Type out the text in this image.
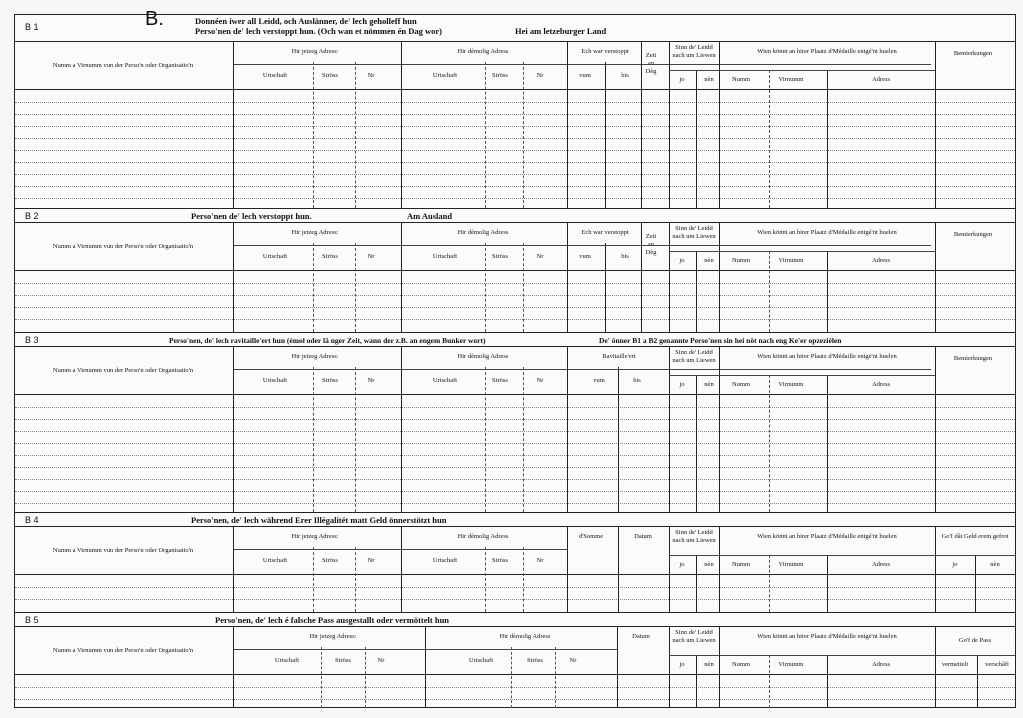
B 1	B.	Donnéen iwer all Leidd, och Auslänner, de' lech geholleff hun
Perso'nen de' lech verstoppt hun. (Och wan et nömmen én Dag wor)	Hei am letzeburger Land
Numm a Virnumm vun der Perso'n oder Organisatio'n
Hir jetzeg Adress:
Urtschaft	Ströss	Nr
Hir dèmolig Adress
Urtschaft	Ströss	Nr
Ech war verstoppt
vum	bis
Zeit an Dèg
Sinn de' Leidd nach um Liewen
jo	nèn
Wien könnt an hirer Plaatz d'Médaille entgé'nt huelen
Numm	Virnumm	Adress
Bemierkungen
B 2	Perso'nen de' lech verstoppt hun.	Am Ausland
Numm a Virnumm vun der Perso'n oder Organisatio'n
Hir jetzeg Adress:
Urtschaft	Ströss	Nr
Hir dèmolig Adress
Urtschaft	Ströss	Nr
Ech war verstoppt
vum	bis
Zeit an Dèg
Sinn de' Leidd nach um Liewen
jo	nèn
Wien könnt an hirer Plaatz d'Médaille entgé'nt huelen
Numm	Virnumm	Adress
Bemierkungen
B 3	Perso'nen, de' lech ravitaille'ert hun (émol oder lä nger Zeit, wann der z.B. an engem Bunker wort)	De' önner B1 a B2 genannte Perso'nen sin hei nöt nach eng Ke'er opzeziélen
Numm a Virnumm vun der Perso'n oder Organisatio'n
Hir jetzeg Adress:
Urtschaft	Ströss	Nr
Hir dèmolig Adress
Urtschaft	Ströss	Nr
Ravitaille'ert
vum	bis
Sinn de' Leidd nach um Liewen
jo	nèn
Wien könnt an hirer Plaatz d'Médaille entgé'nt huelen
Numm	Virnumm	Adress
Bemierkungen
B 4	Perso'nen, de' lech während Erer Illégalitét matt Geld önnerstötzt hun
Numm a Virnumm vun der Perso'n oder Organisatio'n
Hir jetzeg Adress:
Urtschaft	Ströss	Nr
Hir dèmolig Adress
Urtschaft	Ströss	Nr
d'Somme	Datum
Sinn de' Leidd nach um Liewen
jo	nèn
Wien könnt an hirer Plaatz d'Médaille entgé'nt huelen
Numm	Virnumm	Adress
Go'f dât Geld erem gefrot
jo	nèn
B 5	Perso'nen, de' lech é falsche Pass ausgestallt oder vermöttelt hun
Numm a Virnumm vun der Perso'n oder Organisatio'n
Hir jetzeg Adress:
Urtschaft	Ströss	Nr
Hir dèmolig Adress
Urtschaft	Ströss	Nr
Datum
Sinn de' Leidd nach um Liewen
jo	nèn
Wien könnt an hirer Plaatz d'Médaille entgé'nt huelen
Numm	Virnumm	Adress
Go'f de Pass
vermettelt	verschâft
